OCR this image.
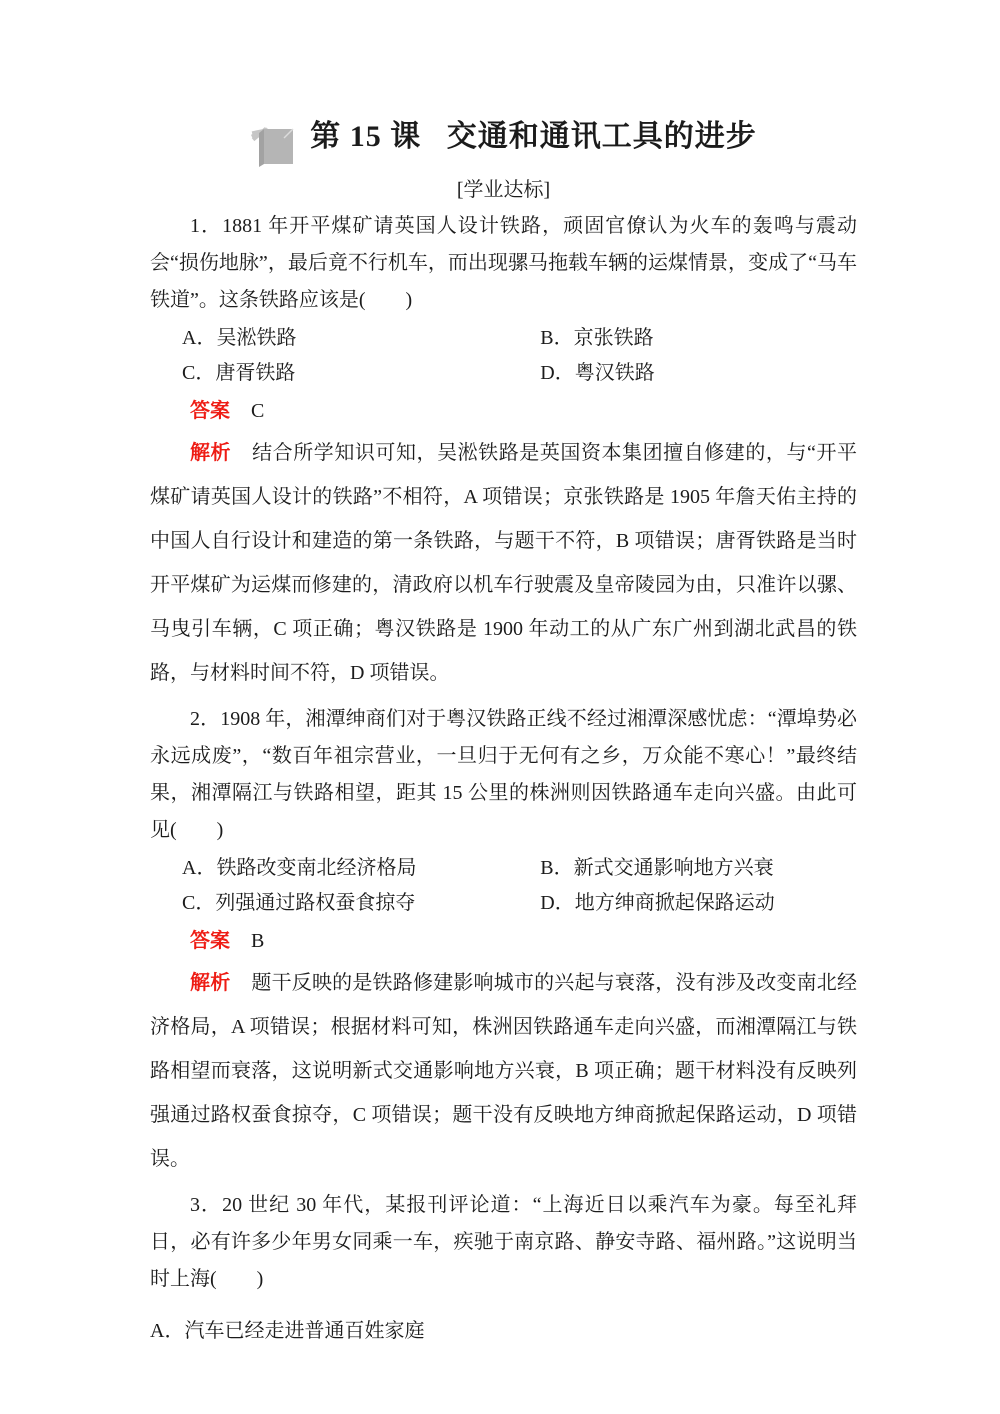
第 15 课 交通和通讯工具的进步
[学业达标]

1．1881 年开平煤矿请英国人设计铁路，顽固官僚认为火车的轰鸣与震动会“损伤地脉”，最后竟不行机车，而出现骡马拖载车辆的运煤情景，变成了“马车铁道”。这条铁路应该是(　　)

A．吴淞铁路	B．京张铁路
C．唐胥铁路	D．粤汉铁路

答案 C

解析 结合所学知识可知，吴淞铁路是英国资本集团擅自修建的，与“开平煤矿请英国人设计的铁路”不相符，A 项错误；京张铁路是 1905 年詹天佑主持的中国人自行设计和建造的第一条铁路，与题干不符，B 项错误；唐胥铁路是当时开平煤矿为运煤而修建的，清政府以机车行驶震及皇帝陵园为由，只准许以骡、马曳引车辆，C 项正确；粤汉铁路是 1900 年动工的从广东广州到湖北武昌的铁路，与材料时间不符，D 项错误。

2．1908 年，湘潭绅商们对于粤汉铁路正线不经过湘潭深感忧虑：“潭埠势必永远成废”，“数百年祖宗营业，一旦归于无何有之乡，万众能不寒心！”最终结果，湘潭隔江与铁路相望，距其 15 公里的株洲则因铁路通车走向兴盛。由此可见(　　)

A．铁路改变南北经济格局	B．新式交通影响地方兴衰
C．列强通过路权蚕食掠夺	D．地方绅商掀起保路运动

答案 B

解析 题干反映的是铁路修建影响城市的兴起与衰落，没有涉及改变南北经济格局，A 项错误；根据材料可知，株洲因铁路通车走向兴盛，而湘潭隔江与铁路相望而衰落，这说明新式交通影响地方兴衰，B 项正确；题干材料没有反映列强通过路权蚕食掠夺，C 项错误；题干没有反映地方绅商掀起保路运动，D 项错误。

3．20 世纪 30 年代，某报刊评论道：“上海近日以乘汽车为豪。每至礼拜日，必有许多少年男女同乘一车，疾驰于南京路、静安寺路、福州路。”这说明当时上海(　　)

A．汽车已经走进普通百姓家庭
